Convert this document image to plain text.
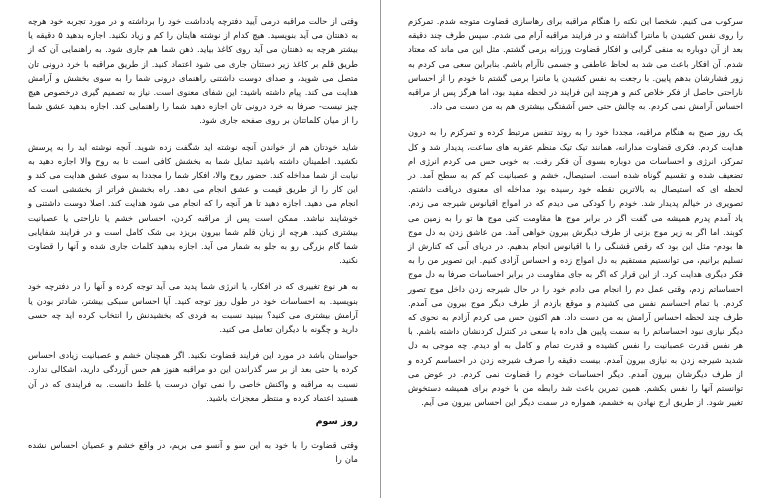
وقتی از حالت مراقبه درمی آیید دفترچه یادداشت خود را برداشته و در مورد تجربه خود هرچه به ذهنتان می آید بنویسید. هیچ کدام از نوشته هایتان را کم و زیاد نکنید. اجازه بدهید ۵ دقیقه یا بیشتر هرچه به ذهنتان می آید روی کاغذ بیاید. ذهن شما هم جاری شود. به راهنمایی آن که از طریق قلم بر کاغذ زیر دستتان جاری می شود اعتماد کنید. از طریق مراقبه با خرد درونی تان متصل می شوید، و صدای دوست داشتنی راهنمای درونی شما را به سوی بخشش و آرامش هدایت می کند. پیام داشته باشید: این شفای معنوی است. نیاز به تصمیم گیری درخصوص هیچ چیز نیست- صرفا به خرد درونی تان اجازه دهید شما را راهنمایی کند. اجازه بدهید عشق شما را از میان کلماتتان بر روی صفحه جاری شود.

شاید خودتان هم از خواندن آنچه نوشته اید شگفت زده شوید. آنچه نوشته اید را به پرسش نکشید. اطمینان داشته باشید تمایل شما به بخشش کافی است تا به روح والا اجازه دهید به نیابت از شما مداخله کند. حضور روح والا، افکار شما را مجددا به سوی عشق هدایت می کند و این کار را از طریق قیمت و عشق انجام می دهد. راه بخشش فراتر از بخششی است که انجام می دهید. اجازه دهید تا هر آنچه را که انجام می شود هدایت کند. اصلا دوست داشتنی و خوشایند نباشد. ممکن است پس از مراقبه کردن، احساس خشم یا ناراحتی یا عصبانیت بیشتری کنید. هرچه از زبان قلم شما بیرون بریزد بی شک کامل است و در فرایند شفایابی شما گام بزرگی رو به جلو به شمار می آید. اجازه بدهید کلمات جاری شده و آنها را قضاوت نکنید.

به هر نوع تغییری که در افکار، یا انرژی شما پدید می آید توجه کرده و آنها را در دفترچه خود بنویسید. به احساسات خود در طول روز توجه کنید. آیا احساس سبکی بیشتر، شادتر بودن یا آرامش بیشتری می کنید؟ ببینید نسبت به فردی که بخشیدنش را انتخاب کرده اید چه حسی دارید و چگونه با دیگران تعامل می کنید.

حواستان باشد در مورد این فرایند قضاوت نکنید. اگر همچنان خشم و عصبانیت زیادی احساس کرده یا حتی بعد از بر سر گذراندن این دو مراقبه هنوز هم حس آزردگی دارید، اشکالی ندارد. نسبت به مراقبه و واکنش خاصی را نمی توان درست یا غلط دانست. به فرایندی که در آن هستید اعتماد کرده و منتظر معجزات باشید.

روز سوم

وقتی قضاوت را با خود به این سو و آنسو می بریم، در واقع خشم و عصیان احساس نشده مان را

سرکوب می کنیم. شخصا این نکته را هنگام مراقبه برای رهاسازی قضاوت متوجه شدم. تمرکزم را روی نفس کشیدن با مانترا گذاشته و در فرایند مراقبه آرام می شدم. سپس طرف چند دقیقه بعد از آن دوباره به منفی گرایی و افکار قضاوت ورزانه برمی گشتم. مثل این می ماند که معتاد شدم. آن افکار باعث می شد به لحاظ عاطفی و جسمی ناآرام باشم. بنابراین سعی می کردم به زور فشارشان بدهم پایین. با رجعت به نفس کشیدن یا مانترا برمی گشتم تا خودم را از احساس ناراحتی حاصل از فکر خلاص کنم و هرچند این فرایند در لحظه مفید بود، اما هرگز پس از مراقبه احساس آرامش نمی کردم. به چالش حتی حس آشفتگی بیشتری هم به من دست می داد.

یک روز صبح به هنگام مراقبه، مجددا خود را به روند تنفس مرتبط کرده و تمرکزم را به درون هدایت کردم. فکری قضاوت مدارانه، همانند تیک تیک منظم عقربه های ساعت، پدیدار شد و کل تمرکز، انرژی و احساسات من دوباره بسوی آن فکر رفت. به خوبی حس می کردم انرژی ام تضعیف شده و تقسیم گوناه شده است. استیصال، خشم و عصبانیت کم کم به سطح آمد. در لحظه ای که استیصال به بالاترین نقطه خود رسیده بود مداخله ای معنوی دریافت داشتم. تصویری در خیالم پدیدار شد. خودم را کودکی می دیدم که در امواج اقیانوس شیرجه می زدم. یاد آمدم پدرم همیشه می گفت اگر در برابر موج ها مقاومت کنی موج ها تو را به زمین می کوبند. اما اگر به زیر موج بزنی از طرف دیگرش بیرون خواهی آمد. من عاشق زدن به دل موج ها بودم- مثل این بود که رقص قشنگی را با اقیانوس انجام بدهیم. در دریای آبی که کنارش از تسلیم برانیم، می توانستیم مستقیم به دل امواج زده و احساس آزادی کنیم. این تصویر من را به فکر دیگری هدایت کرد. از این قرار که اگر به جای مقاومت در برابر احساسات صرفا به دل موج احساساتم زدم، وقتی عمل دم را انجام می دادم خود را در حال شیرجه زدن داخل موج تصور کردم. با تمام احساسم نفس می کشیدم و موقع بازدم از طرف دیگر موج بیرون می آمدم. طرف چند لحظه احساس آرامش به من دست داد. هم اکنون حس می کردم آزادم به نحوی که دیگر نیازی نبود احساساتم را به سمت پایین هل داده یا سعی در کنترل کردنشان داشته باشم. با هر نفس قدرت عصبانیت را نفس کشیده و قدرت تمام و کامل به او دیدم. چه موجی به دل شدید شیرجه زدن به نیازی بیرون آمدم. بیست دقیقه را صرف شیرجه زدن در احساسم کرده و از طرف دیگرشان بیرون آمدم. دیگر احساسات خودم را قضاوت نمی کردم. در عوض می توانستم آنها را نفس بکشم. همین تمرین باعث شد رابطه من با خودم برای همیشه دستخوش تغییر شود. از طریق ارج نهادن به خشمم، همواره در سمت دیگر این احساس بیرون می آیم.
